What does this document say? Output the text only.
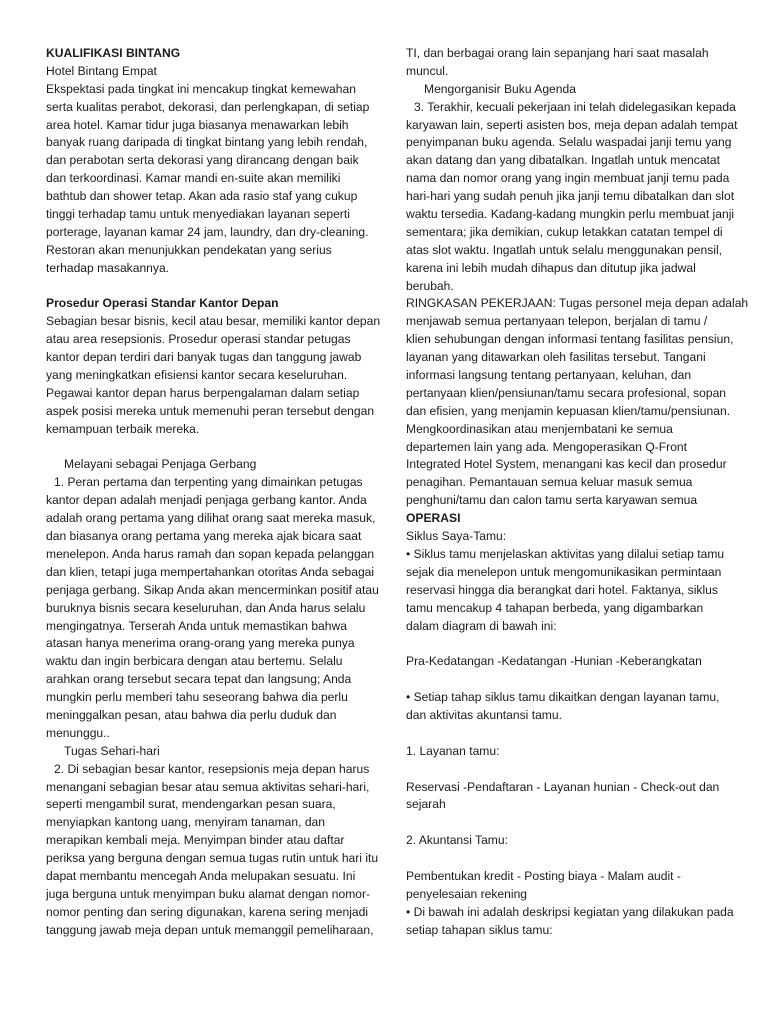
KUALIFIKASI BINTANG
Hotel Bintang Empat
Ekspektasi pada tingkat ini mencakup tingkat kemewahan
serta kualitas perabot, dekorasi, dan perlengkapan, di setiap
area hotel. Kamar tidur juga biasanya menawarkan lebih
banyak ruang daripada di tingkat bintang yang lebih rendah,
dan perabotan serta dekorasi yang dirancang dengan baik
dan terkoordinasi. Kamar mandi en-suite akan memiliki
bathtub dan shower tetap. Akan ada rasio staf yang cukup
tinggi terhadap tamu untuk menyediakan layanan seperti
porterage, layanan kamar 24 jam, laundry, dan dry-cleaning.
Restoran akan menunjukkan pendekatan yang serius
terhadap masakannya.
Prosedur Operasi Standar Kantor Depan
Sebagian besar bisnis, kecil atau besar, memiliki kantor depan
atau area resepsionis. Prosedur operasi standar petugas
kantor depan terdiri dari banyak tugas dan tanggung jawab
yang meningkatkan efisiensi kantor secara keseluruhan.
Pegawai kantor depan harus berpengalaman dalam setiap
aspek posisi mereka untuk memenuhi peran tersebut dengan
kemampuan terbaik mereka.
Melayani sebagai Penjaga Gerbang
1. Peran pertama dan terpenting yang dimainkan petugas
kantor depan adalah menjadi penjaga gerbang kantor. Anda
adalah orang pertama yang dilihat orang saat mereka masuk,
dan biasanya orang pertama yang mereka ajak bicara saat
menelepon. Anda harus ramah dan sopan kepada pelanggan
dan klien, tetapi juga mempertahankan otoritas Anda sebagai
penjaga gerbang. Sikap Anda akan mencerminkan positif atau
buruknya bisnis secara keseluruhan, dan Anda harus selalu
mengingatnya. Terserah Anda untuk memastikan bahwa
atasan hanya menerima orang-orang yang mereka punya
waktu dan ingin berbicara dengan atau bertemu. Selalu
arahkan orang tersebut secara tepat dan langsung; Anda
mungkin perlu memberi tahu seseorang bahwa dia perlu
meninggalkan pesan, atau bahwa dia perlu duduk dan
menunggu..
Tugas Sehari-hari
2. Di sebagian besar kantor, resepsionis meja depan harus
menangani sebagian besar atau semua aktivitas sehari-hari,
seperti mengambil surat, mendengarkan pesan suara,
menyiapkan kantong uang, menyiram tanaman, dan
merapikan kembali meja. Menyimpan binder atau daftar
periksa yang berguna dengan semua tugas rutin untuk hari itu
dapat membantu mencegah Anda melupakan sesuatu. Ini
juga berguna untuk menyimpan buku alamat dengan nomor-
nomor penting dan sering digunakan, karena sering menjadi
tanggung jawab meja depan untuk memanggil pemeliharaan,
TI, dan berbagai orang lain sepanjang hari saat masalah
muncul.
Mengorganisir Buku Agenda
3. Terakhir, kecuali pekerjaan ini telah didelegasikan kepada
karyawan lain, seperti asisten bos, meja depan adalah tempat
penyimpanan buku agenda. Selalu waspadai janji temu yang
akan datang dan yang dibatalkan. Ingatlah untuk mencatat
nama dan nomor orang yang ingin membuat janji temu pada
hari-hari yang sudah penuh jika janji temu dibatalkan dan slot
waktu tersedia. Kadang-kadang mungkin perlu membuat janji
sementara; jika demikian, cukup letakkan catatan tempel di
atas slot waktu. Ingatlah untuk selalu menggunakan pensil,
karena ini lebih mudah dihapus dan ditutup jika jadwal
berubah.
RINGKASAN PEKERJAAN: Tugas personel meja depan adalah
menjawab semua pertanyaan telepon, berjalan di tamu /
klien sehubungan dengan informasi tentang fasilitas pensiun,
layanan yang ditawarkan oleh fasilitas tersebut. Tangani
informasi langsung tentang pertanyaan, keluhan, dan
pertanyaan klien/pensiunan/tamu secara profesional, sopan
dan efisien, yang menjamin kepuasan klien/tamu/pensiunan.
Mengkoordinasikan atau menjembatani ke semua
departemen lain yang ada. Mengoperasikan Q-Front
Integrated Hotel System, menangani kas kecil dan prosedur
penagihan. Pemantauan semua keluar masuk semua
penghuni/tamu dan calon tamu serta karyawan semua
OPERASI
Siklus Saya-Tamu:
• Siklus tamu menjelaskan aktivitas yang dilalui setiap tamu
sejak dia menelepon untuk mengomunikasikan permintaan
reservasi hingga dia berangkat dari hotel. Faktanya, siklus
tamu mencakup 4 tahapan berbeda, yang digambarkan
dalam diagram di bawah ini:
Pra-Kedatangan -Kedatangan -Hunian -Keberangkatan
• Setiap tahap siklus tamu dikaitkan dengan layanan tamu,
dan aktivitas akuntansi tamu.
1. Layanan tamu:
Reservasi -Pendaftaran - Layanan hunian - Check-out dan
sejarah
2. Akuntansi Tamu:
Pembentukan kredit - Posting biaya - Malam audit -
penyelesaian rekening
• Di bawah ini adalah deskripsi kegiatan yang dilakukan pada
setiap tahapan siklus tamu:
